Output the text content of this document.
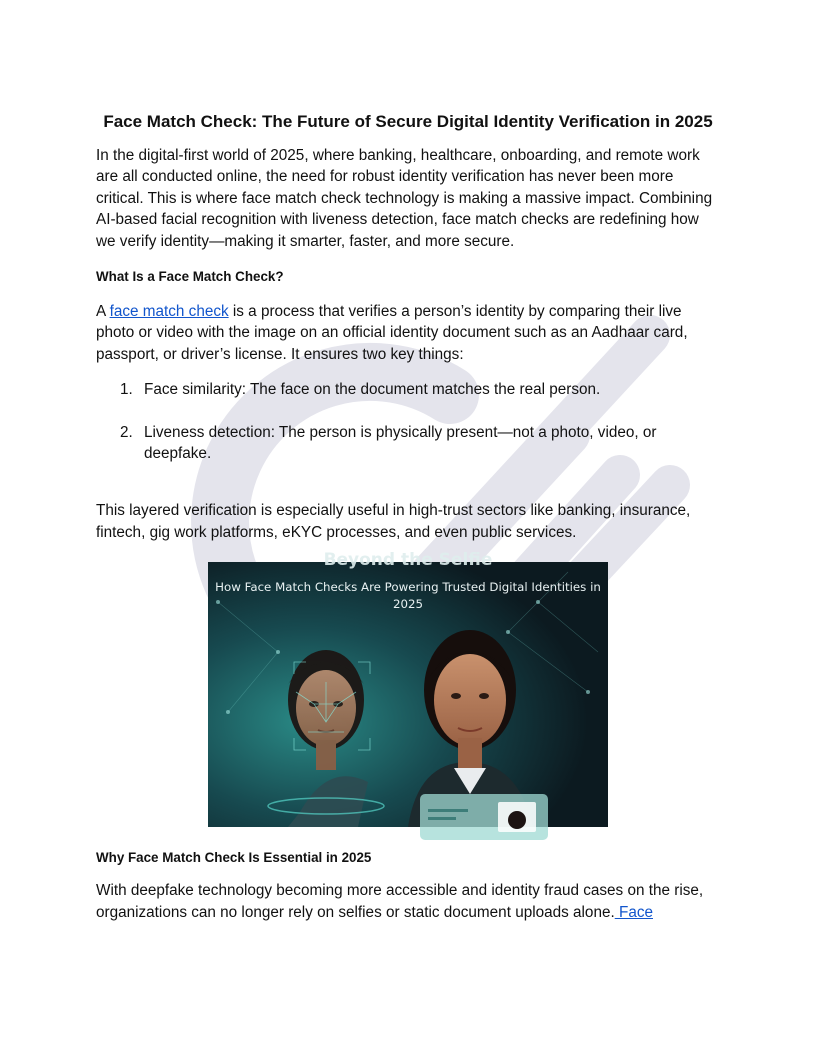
Face Match Check: The Future of Secure Digital Identity Verification in 2025

In the digital-first world of 2025, where banking, healthcare, onboarding, and remote work are all conducted online, the need for robust identity verification has never been more critical. This is where face match check technology is making a massive impact. Combining AI-based facial recognition with liveness detection, face match checks are redefining how we verify identity—making it smarter, faster, and more secure.

What Is a Face Match Check?

A face match check is a process that verifies a person’s identity by comparing their live photo or video with the image on an official identity document such as an Aadhaar card, passport, or driver’s license. It ensures two key things:

1. Face similarity: The face on the document matches the real person.
2. Liveness detection: The person is physically present—not a photo, video, or deepfake.

This layered verification is especially useful in high-trust sectors like banking, insurance, fintech, gig work platforms, eKYC processes, and even public services.

Beyond the Selfie
How Face Match Checks Are Powering Trusted Digital Identities in 2025
Why Face Match Check Is Essential in 2025

With deepfake technology becoming more accessible and identity fraud cases on the rise, organizations can no longer rely on selfies or static document uploads alone. Face
